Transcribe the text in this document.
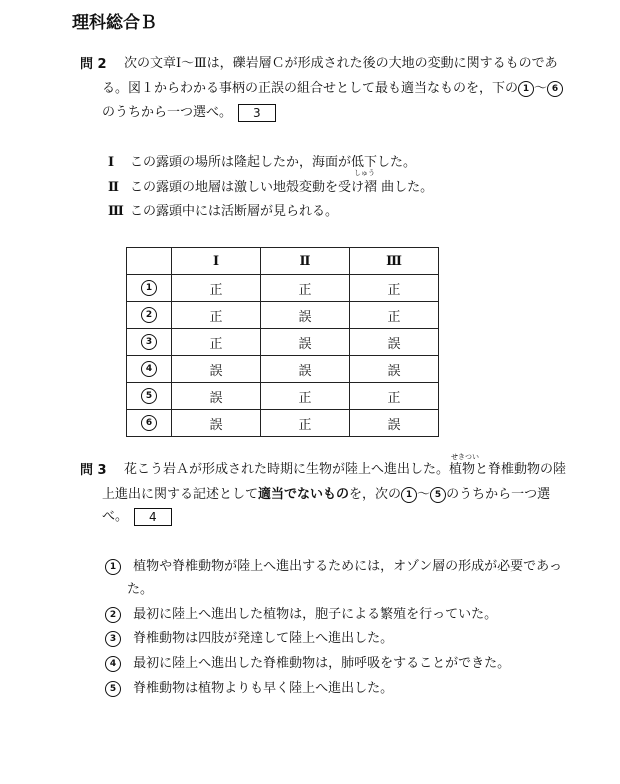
理科総合Ｂ
問 2 次の文章Ⅰ～Ⅲは，礫岩層Ｃが形成された後の大地の変動に関するものであ
る。図１からわかる事柄の正誤の組合せとして最も適当なものを，下の 1 ～ 6
のうちから一つ選べ。 3
Ⅰ この露頭の場所は隆起したか，海面が低下した。
しゅう
Ⅱ この露頭の地層は激しい地殻変動を受け褶 曲した。
Ⅲ この露頭中には活断層が見られる。
	Ⅰ	Ⅱ	Ⅲ
1	正	正	正
2	正	誤	正
3	正	誤	誤
4	誤	誤	誤
5	誤	正	正
6	誤	正	誤
せきつい
問 3 花こう岩Ａが形成された時期に生物が陸上へ進出した。植物と脊椎動物の陸
上進出に関する記述として適当でないものを，次の 1 ～ 5 のうちから一つ選
べ。 4
1 植物や脊椎動物が陸上へ進出するためには，オゾン層の形成が必要であっ
た。
2 最初に陸上へ進出した植物は，胞子による繁殖を行っていた。
3 脊椎動物は四肢が発達して陸上へ進出した。
4 最初に陸上へ進出した脊椎動物は，肺呼吸をすることができた。
5 脊椎動物は植物よりも早く陸上へ進出した。
